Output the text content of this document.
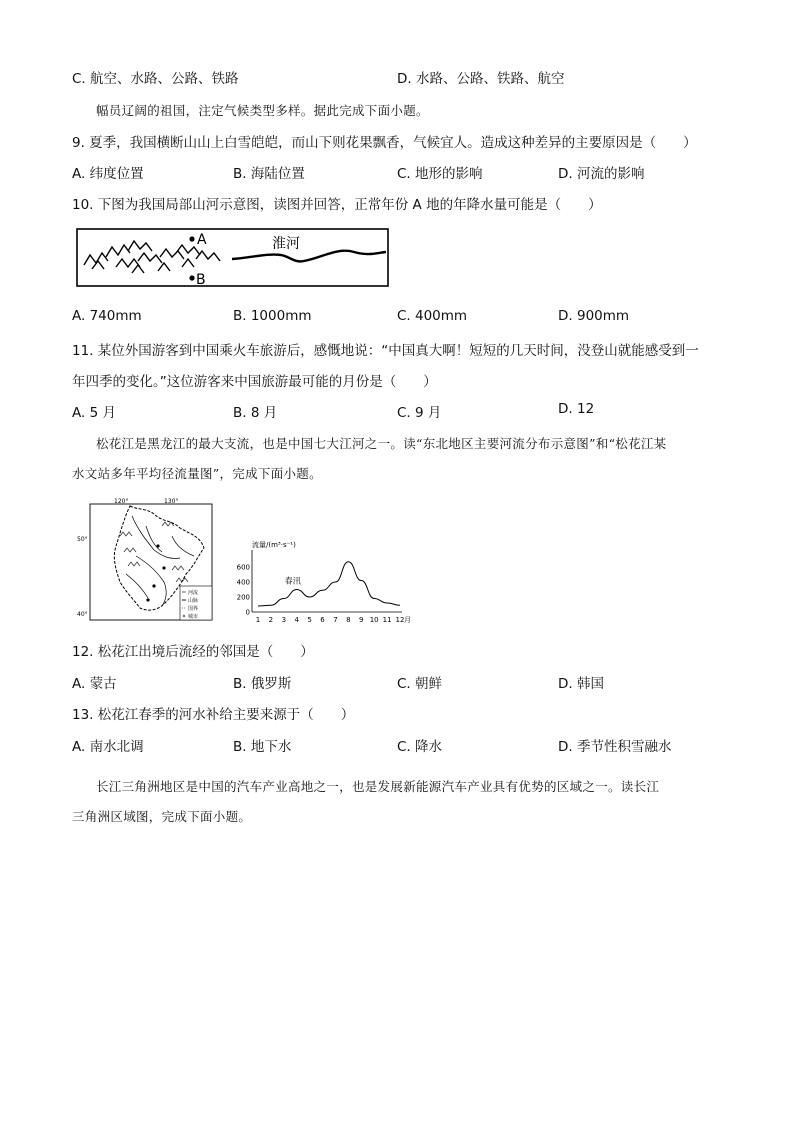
C. 航空、水路、公路、铁路	D. 水路、公路、铁路、航空
幅员辽阔的祖国，注定气候类型多样。据此完成下面小题。
9. 夏季，我国横断山山上白雪皑皑，而山下则花果飘香，气候宜人。造成这种差异的主要原因是（　　）
A. 纬度位置	B. 海陆位置	C. 地形的影响	D. 河流的影响
10. 下图为我国局部山河示意图，读图并回答，正常年份 A 地的年降水量可能是（　　）
A
B
淮河
A. 740mm	B. 1000mm	C. 400mm	D. 900mm
11. 某位外国游客到中国乘火车旅游后，感慨地说：“中国真大啊！短短的几天时间，没登山就能感受到一
年四季的变化。”这位游客来中国旅游最可能的月份是（　　）
A. 5 月	B. 8 月	C. 9 月	D. 12
松花江是黑龙江的最大支流，也是中国七大江河之一。读“东北地区主要河流分布示意图”和“松花江某
水文站多年平均径流量图”，完成下面小题。
120°	130°
50°
40°
河流
山脉
国界
城市
流量/(m³·s⁻¹)
月
0
200
400
600
1 2 3 4 5 6 7 8 9 10 11 12
春汛
12. 松花江出境后流经的邻国是（　　）
A. 蒙古	B. 俄罗斯	C. 朝鲜	D. 韩国
13. 松花江春季的河水补给主要来源于（　　）
A. 南水北调	B. 地下水	C. 降水	D. 季节性积雪融水
长江三角洲地区是中国的汽车产业高地之一，也是发展新能源汽车产业具有优势的区域之一。读长江
三角洲区域图，完成下面小题。
